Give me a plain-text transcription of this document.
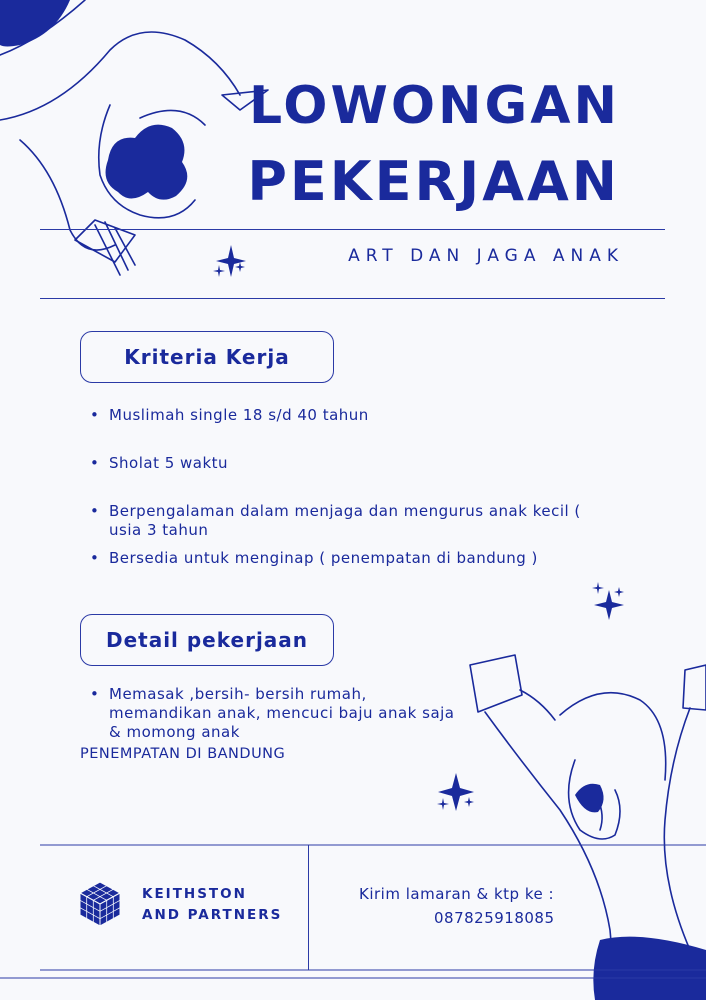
LOWONGAN
PEKERJAAN
ART DAN JAGA ANAK
Kriteria Kerja
• Muslimah single 18 s/d 40 tahun
• Sholat 5 waktu
• Berpengalaman dalam menjaga dan mengurus anak kecil ( usia 3 tahun
• Bersedia untuk menginap ( penempatan di bandung )
Detail pekerjaan
• Memasak ,bersih- bersih rumah, memandikan anak, mencuci baju anak saja & momong anak
PENEMPATAN DI BANDUNG
KEITHSTON
AND PARTNERS
Kirim lamaran & ktp ke :
087825918085
